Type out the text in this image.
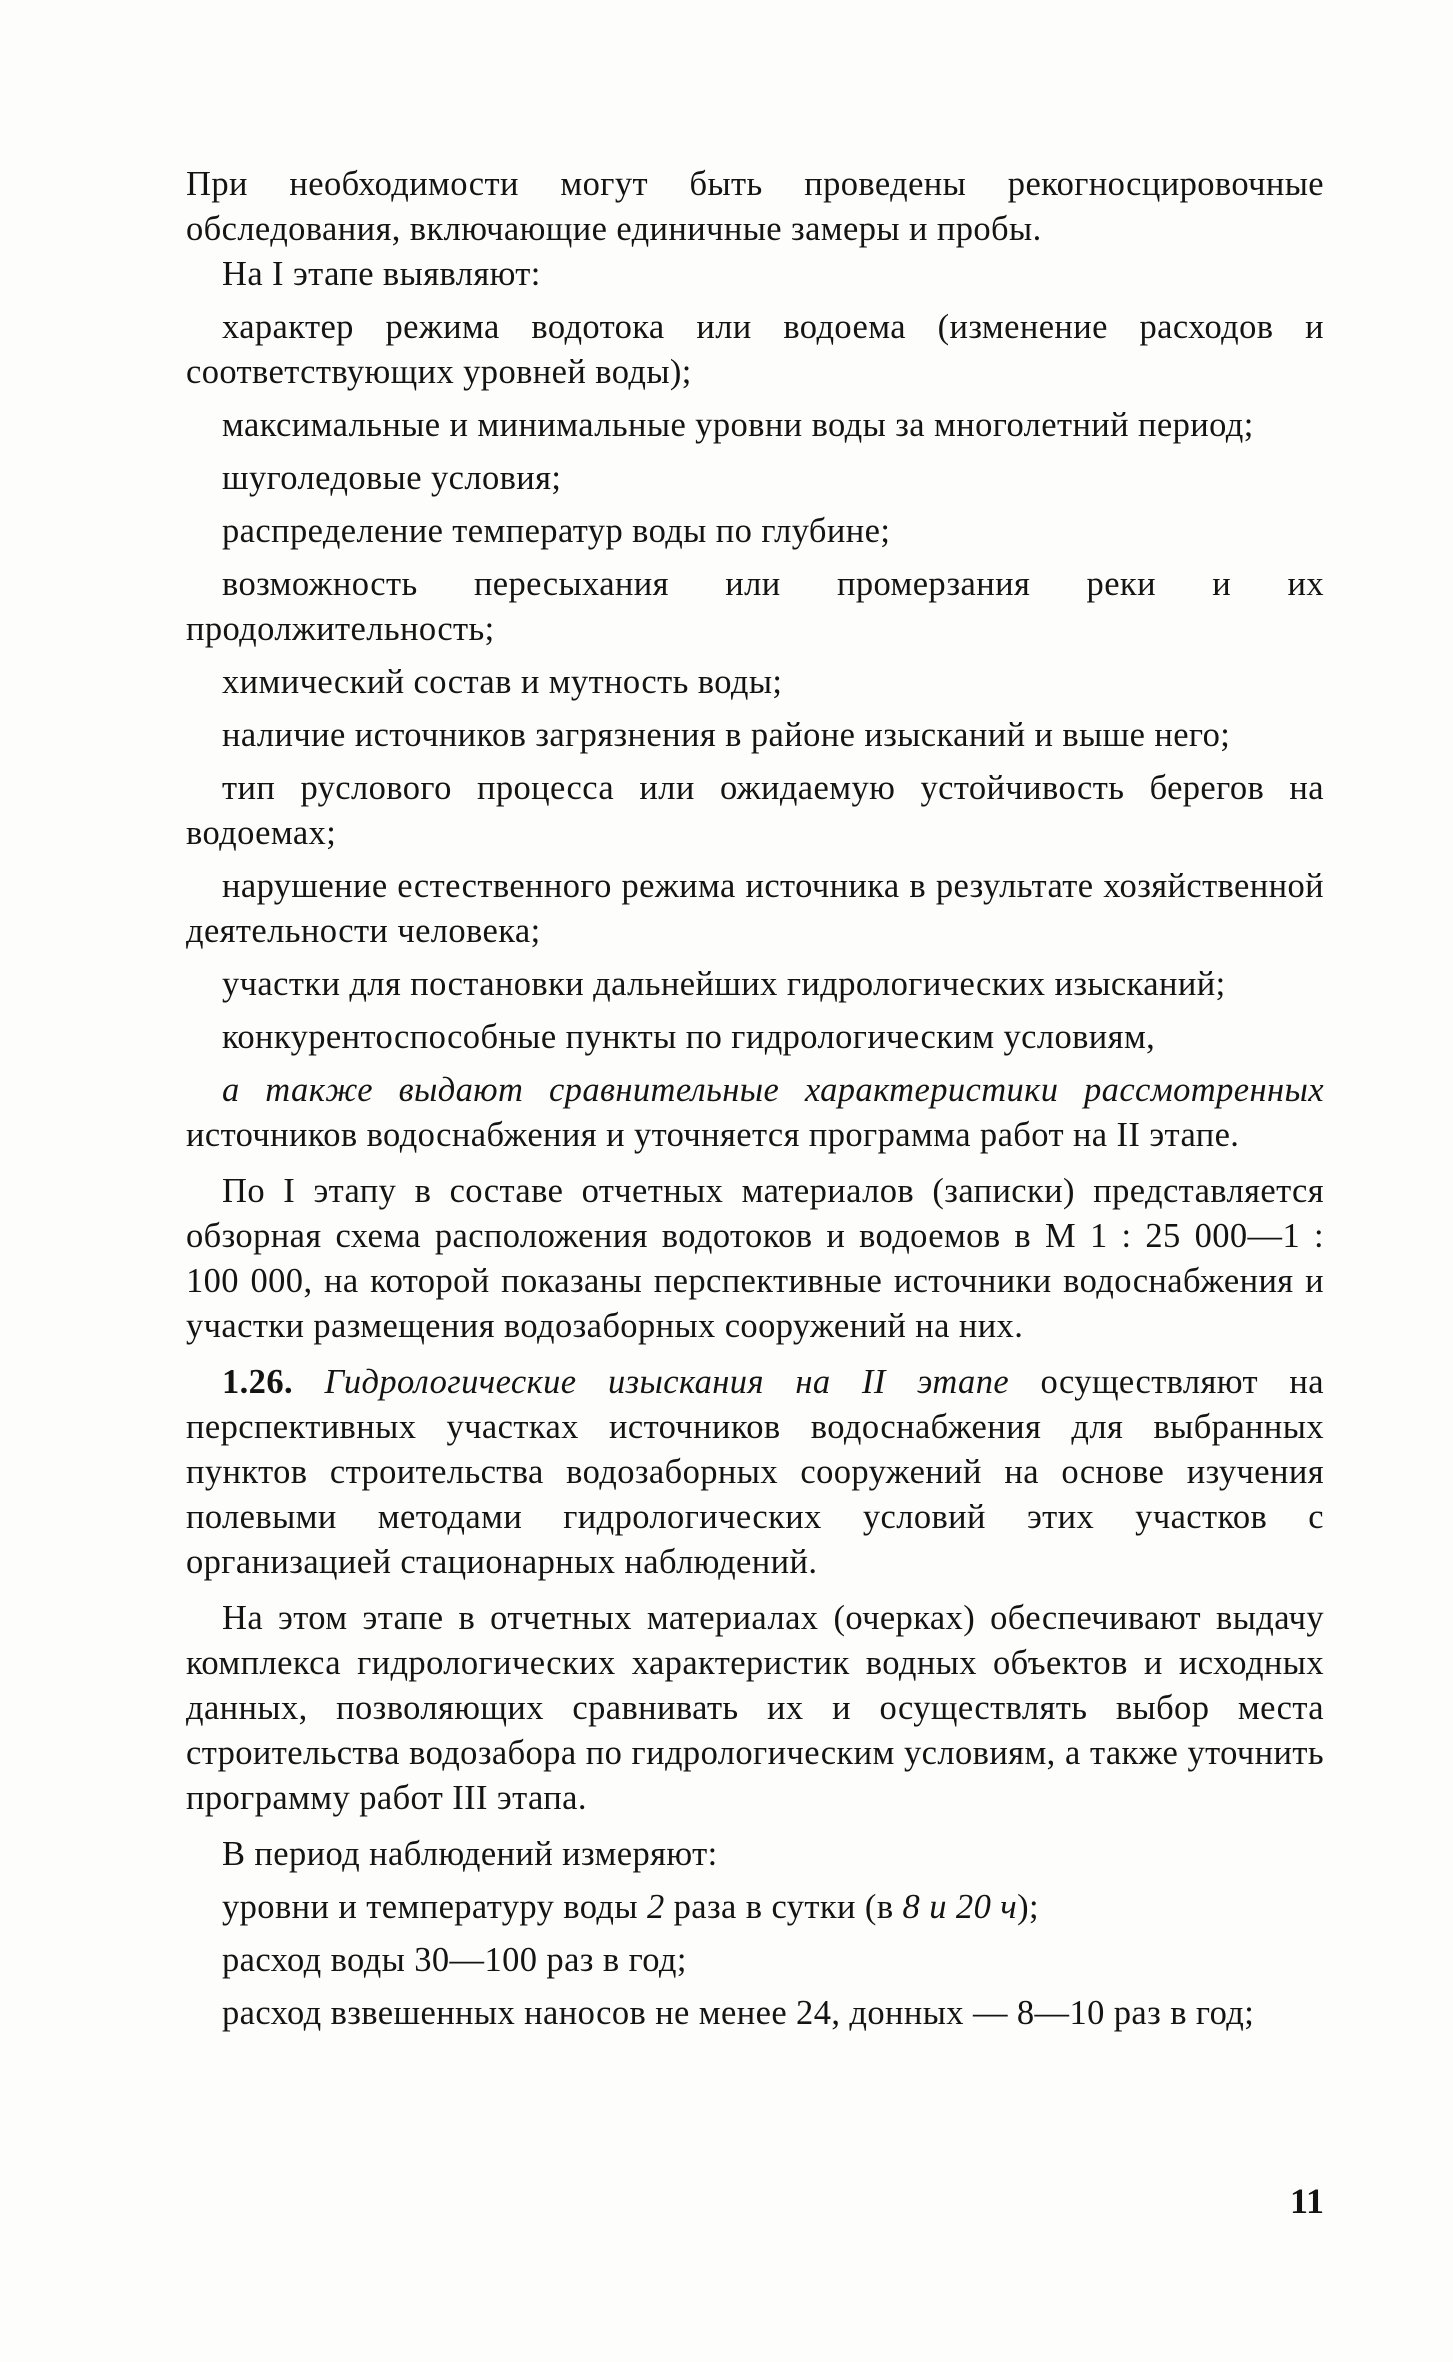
При необходимости могут быть проведены рекогносцировочные обследования, включающие единичные замеры и пробы.

На I этапе выявляют:

характер режима водотока или водоема (изменение расходов и соответствующих уровней воды);

максимальные и минимальные уровни воды за многолетний период;

шуголедовые условия;

распределение температур воды по глубине;

возможность пересыхания или промерзания реки и их продолжительность;

химический состав и мутность воды;

наличие источников загрязнения в районе изысканий и выше него;

тип руслового процесса или ожидаемую устойчивость берегов на водоемах;

нарушение естественного режима источника в результате хозяйственной деятельности человека;

участки для постановки дальнейших гидрологических изысканий;

конкурентоспособные пункты по гидрологическим условиям,

а также выдают сравнительные характеристики рассмотренных источников водоснабжения и уточняется программа работ на II этапе.

По I этапу в составе отчетных материалов (записки) представляется обзорная схема расположения водотоков и водоемов в М 1 : 25 000—1 : 100 000, на которой показаны перспективные источники водоснабжения и участки размещения водозаборных сооружений на них.

1.26. Гидрологические изыскания на II этапе осуществляют на перспективных участках источников водоснабжения для выбранных пунктов строительства водозаборных сооружений на основе изучения полевыми методами гидрологических условий этих участков с организацией стационарных наблюдений.

На этом этапе в отчетных материалах (очерках) обеспечивают выдачу комплекса гидрологических характеристик водных объектов и исходных данных, позволяющих сравнивать их и осуществлять выбор места строительства водозабора по гидрологическим условиям, а также уточнить программу работ III этапа.

В период наблюдений измеряют:

уровни и температуру воды 2 раза в сутки (в 8 и 20 ч);

расход воды 30—100 раз в год;

расход взвешенных наносов не менее 24, донных — 8—10 раз в год;

11
